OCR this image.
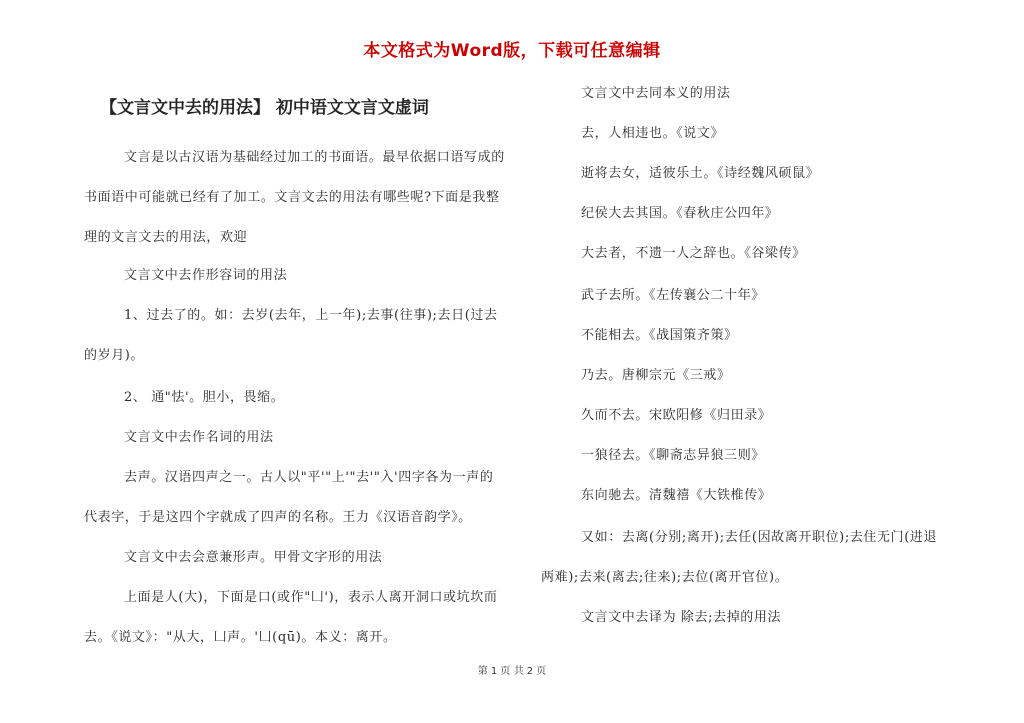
本文格式为Word版，下载可任意编辑
【文言文中去的用法】 初中语文文言文虚词
文言是以古汉语为基础经过加工的书面语。最早依据口语写成的
书面语中可能就已经有了加工。文言文去的用法有哪些呢?下面是我整
理的文言文去的用法，欢迎
文言文中去作形容词的用法
1、过去了的。如：去岁(去年，上一年);去事(往事);去日(过去
的岁月)。
2、 通"怯'。胆小，畏缩。
文言文中去作名词的用法
去声。汉语四声之一。古人以"平'"上'"去'"入'四字各为一声的
代表字，于是这四个字就成了四声的名称。王力《汉语音韵学》。
文言文中去会意兼形声。甲骨文字形的用法
上面是人(大)，下面是口(或作"凵')，表示人离开洞口或坑坎而
去。《说文》："从大，凵声。'凵(qū)。本义：离开。
文言文中去同本义的用法
去，人相违也。《说文》
逝将去女，适彼乐土。《诗经魏风硕鼠》
纪侯大去其国。《春秋庄公四年》
大去者，不遗一人之辞也。《谷梁传》
武子去所。《左传襄公二十年》
不能相去。《战国策齐策》
乃去。唐柳宗元《三戒》
久而不去。宋欧阳修《归田录》
一狼径去。《聊斋志异狼三则》
东向驰去。清魏禧《大铁椎传》
又如：去离(分别;离开);去任(因故离开职位);去住无门(进退
两难);去来(离去;往来);去位(离开官位)。
文言文中去译为 除去;去掉的用法
第 1 页 共 2 页
